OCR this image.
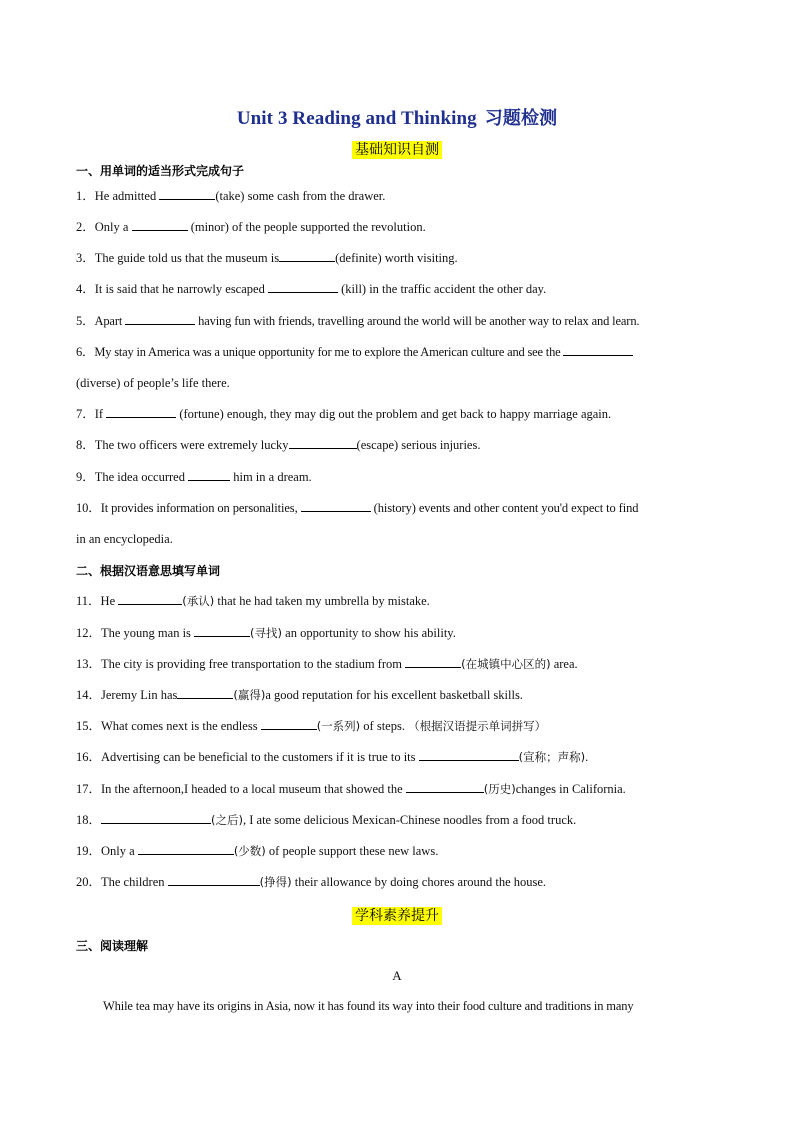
Unit 3 Reading and Thinking 习题检测
基础知识自测
一、用单词的适当形式完成句子
1．He admitted	(take) some cash from the drawer.
2．Only a	(minor) of the people supported the revolution.
3．The guide told us that the museum is	(definite) worth visiting.
4．It is said that he narrowly escaped	(kill) in the traffic accident the other day.
5．Apart	having fun with friends, travelling around the world will be another way to relax and learn.
6．My stay in America was a unique opportunity for me to explore the American culture and see the
(diverse) of people’s life there.
7．If	(fortune) enough, they may dig out the problem and get back to happy marriage again.
8．The two officers were extremely lucky	(escape) serious injuries.
9．The idea occurred	him in a dream.
10．It provides information on personalities,	(history) events and other content you'd expect to find
in an encyclopedia.
二、根据汉语意思填写单词
11．He	(承认) that he had taken my umbrella by mistake.
12．The young man is	(寻找) an opportunity to show his ability.
13．The city is providing free transportation to the stadium from	(在城镇中心区的) area.
14．Jeremy Lin has	(赢得)a good reputation for his excellent basketball skills.
15．What comes next is the endless	(一系列) of steps. （根据汉语提示单词拼写）
16．Advertising can be beneficial to the customers if it is true to its	(宣称；声称).
17．In the afternoon,I headed to a local museum that showed the	(历史)changes in California.
18．	(之后), I ate some delicious Mexican-Chinese noodles from a food truck.
19．Only a	(少数) of people support these new laws.
20．The children	(挣得) their allowance by doing chores around the house.
学科素养提升
三、阅读理解
A
While tea may have its origins in Asia, now it has found its way into their food culture and traditions in many
